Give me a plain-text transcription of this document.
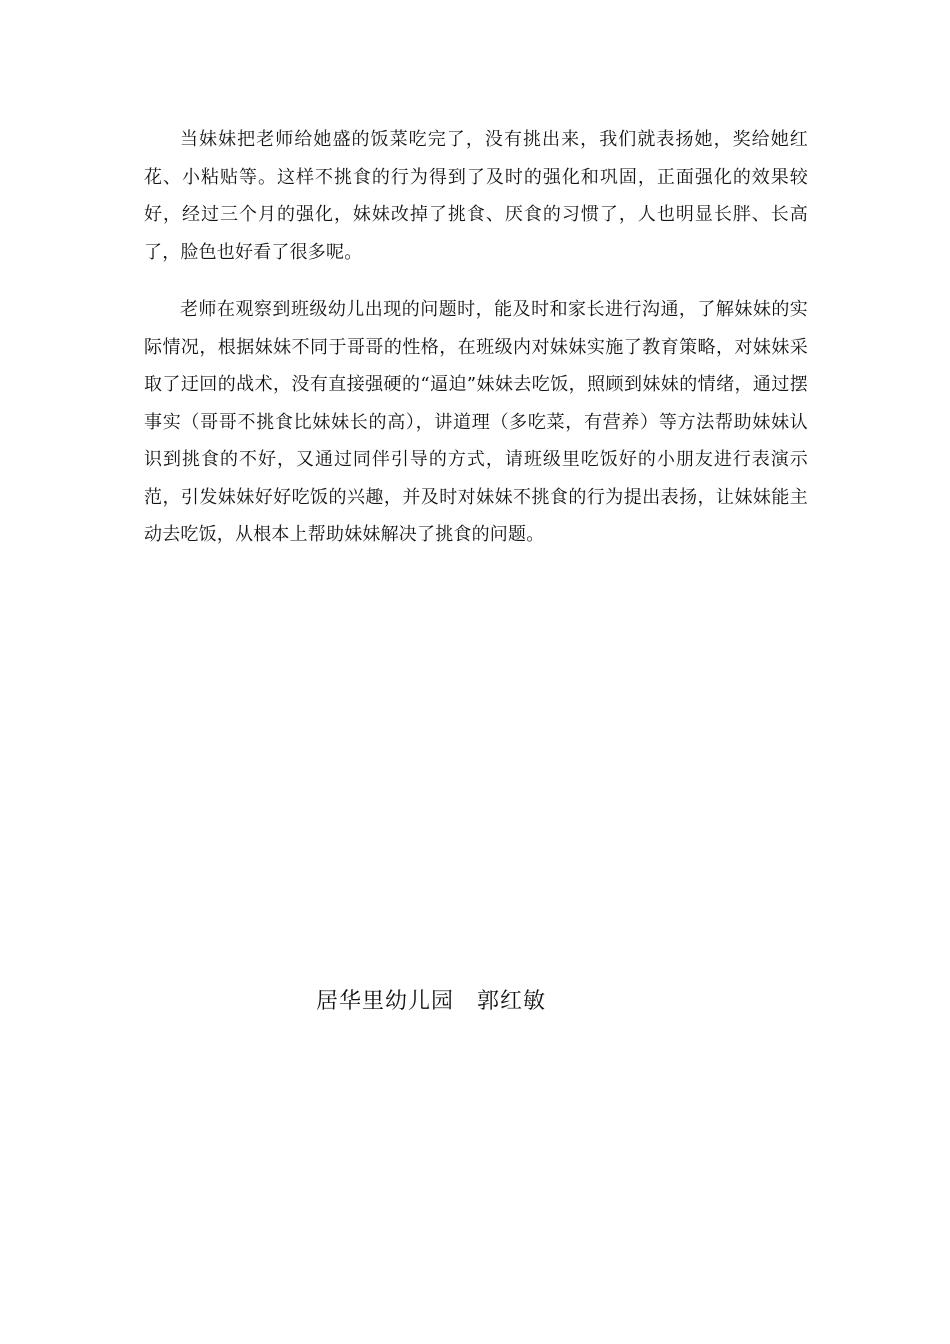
当妹妹把老师给她盛的饭菜吃完了，没有挑出来，我们就表扬她，奖给她红花、小粘贴等。这样不挑食的行为得到了及时的强化和巩固，正面强化的效果较好，经过三个月的强化，妹妹改掉了挑食、厌食的习惯了，人也明显长胖、长高了，脸色也好看了很多呢。

老师在观察到班级幼儿出现的问题时，能及时和家长进行沟通，了解妹妹的实际情况，根据妹妹不同于哥哥的性格，在班级内对妹妹实施了教育策略，对妹妹采取了迂回的战术，没有直接强硬的“逼迫”妹妹去吃饭，照顾到妹妹的情绪，通过摆事实（哥哥不挑食比妹妹长的高），讲道理（多吃菜，有营养）等方法帮助妹妹认识到挑食的不好，又通过同伴引导的方式，请班级里吃饭好的小朋友进行表演示范，引发妹妹好好吃饭的兴趣，并及时对妹妹不挑食的行为提出表扬，让妹妹能主动去吃饭，从根本上帮助妹妹解决了挑食的问题。

居华里幼儿园　郭红敏
